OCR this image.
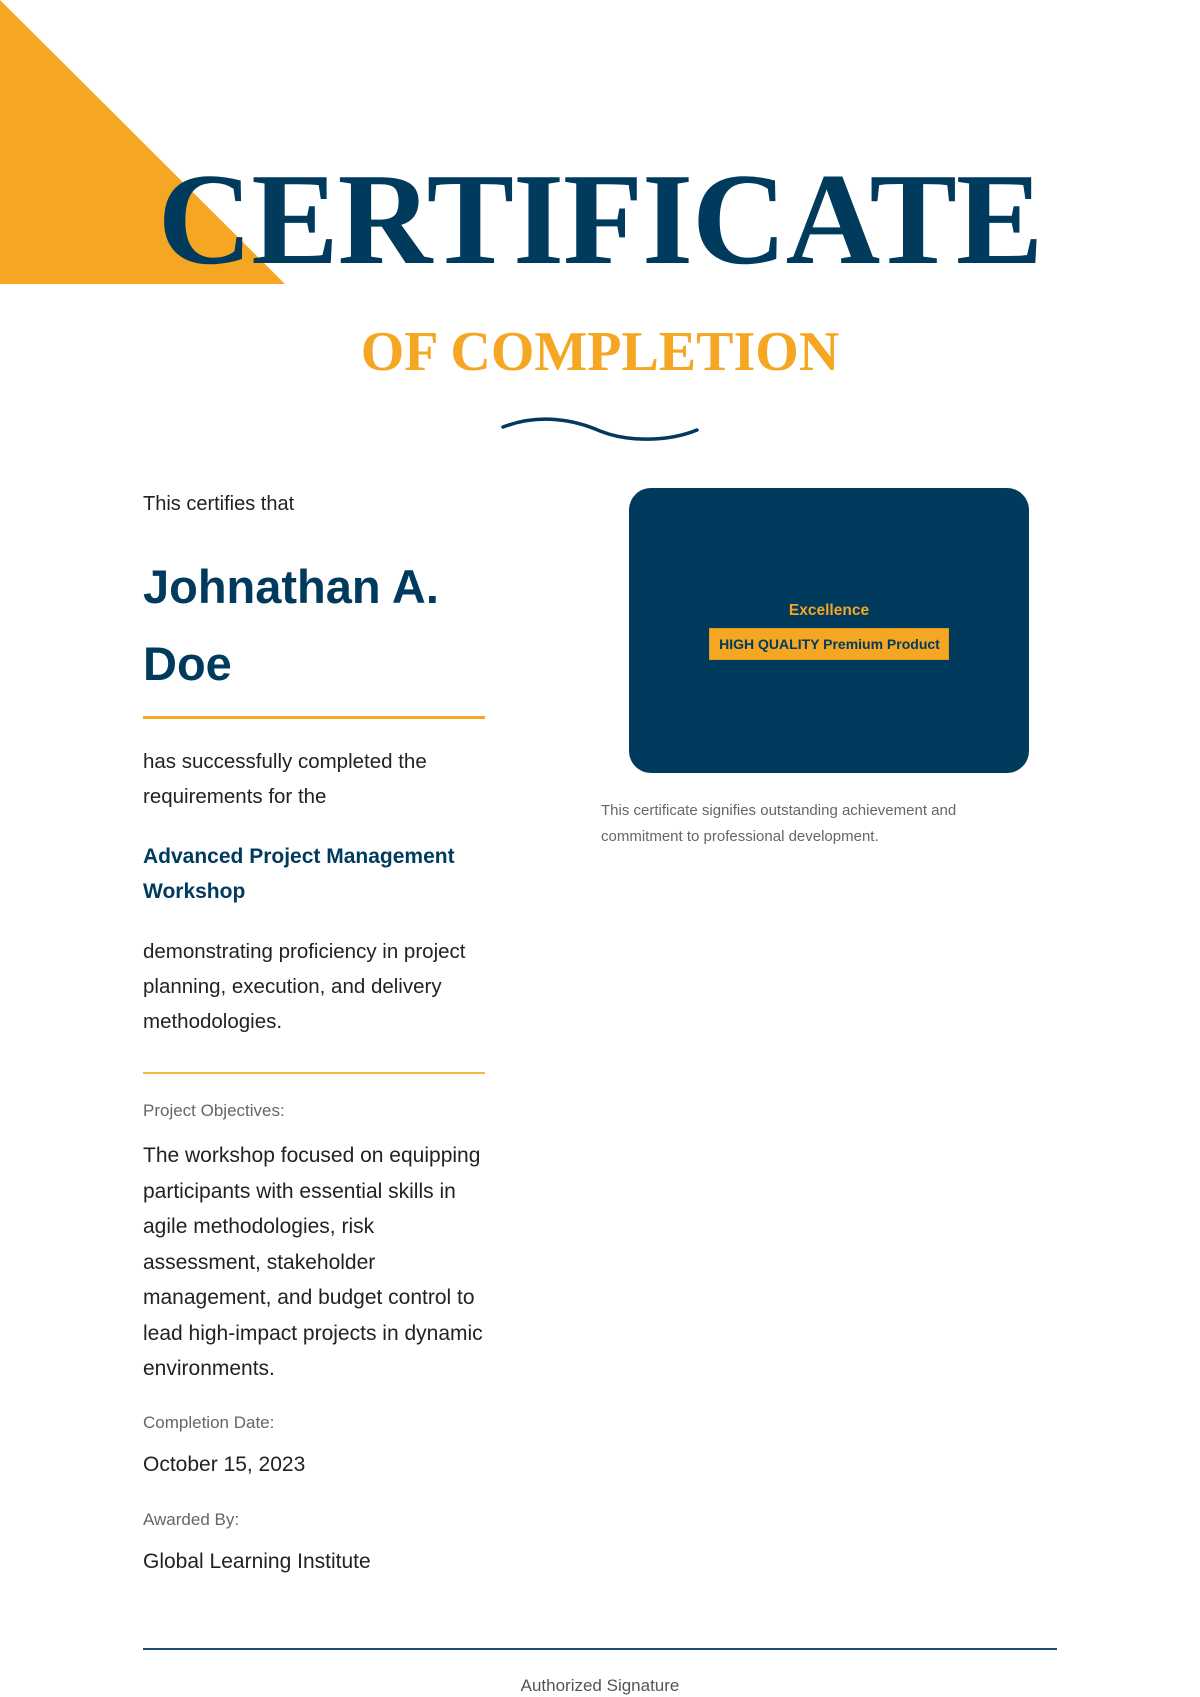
CERTIFICATE
OF COMPLETION
This certifies that
Johnathan A. Doe
has successfully completed the requirements for the
Advanced Project Management Workshop
demonstrating proficiency in project planning, execution, and delivery methodologies.
Project Objectives:
The workshop focused on equipping participants with essential skills in agile methodologies, risk assessment, stakeholder management, and budget control to lead high-impact projects in dynamic environments.
Completion Date:
October 15, 2023
Awarded By:
Global Learning Institute
Excellence
HIGH QUALITY Premium Product
This certificate signifies outstanding achievement and commitment to professional development.
Authorized Signature
